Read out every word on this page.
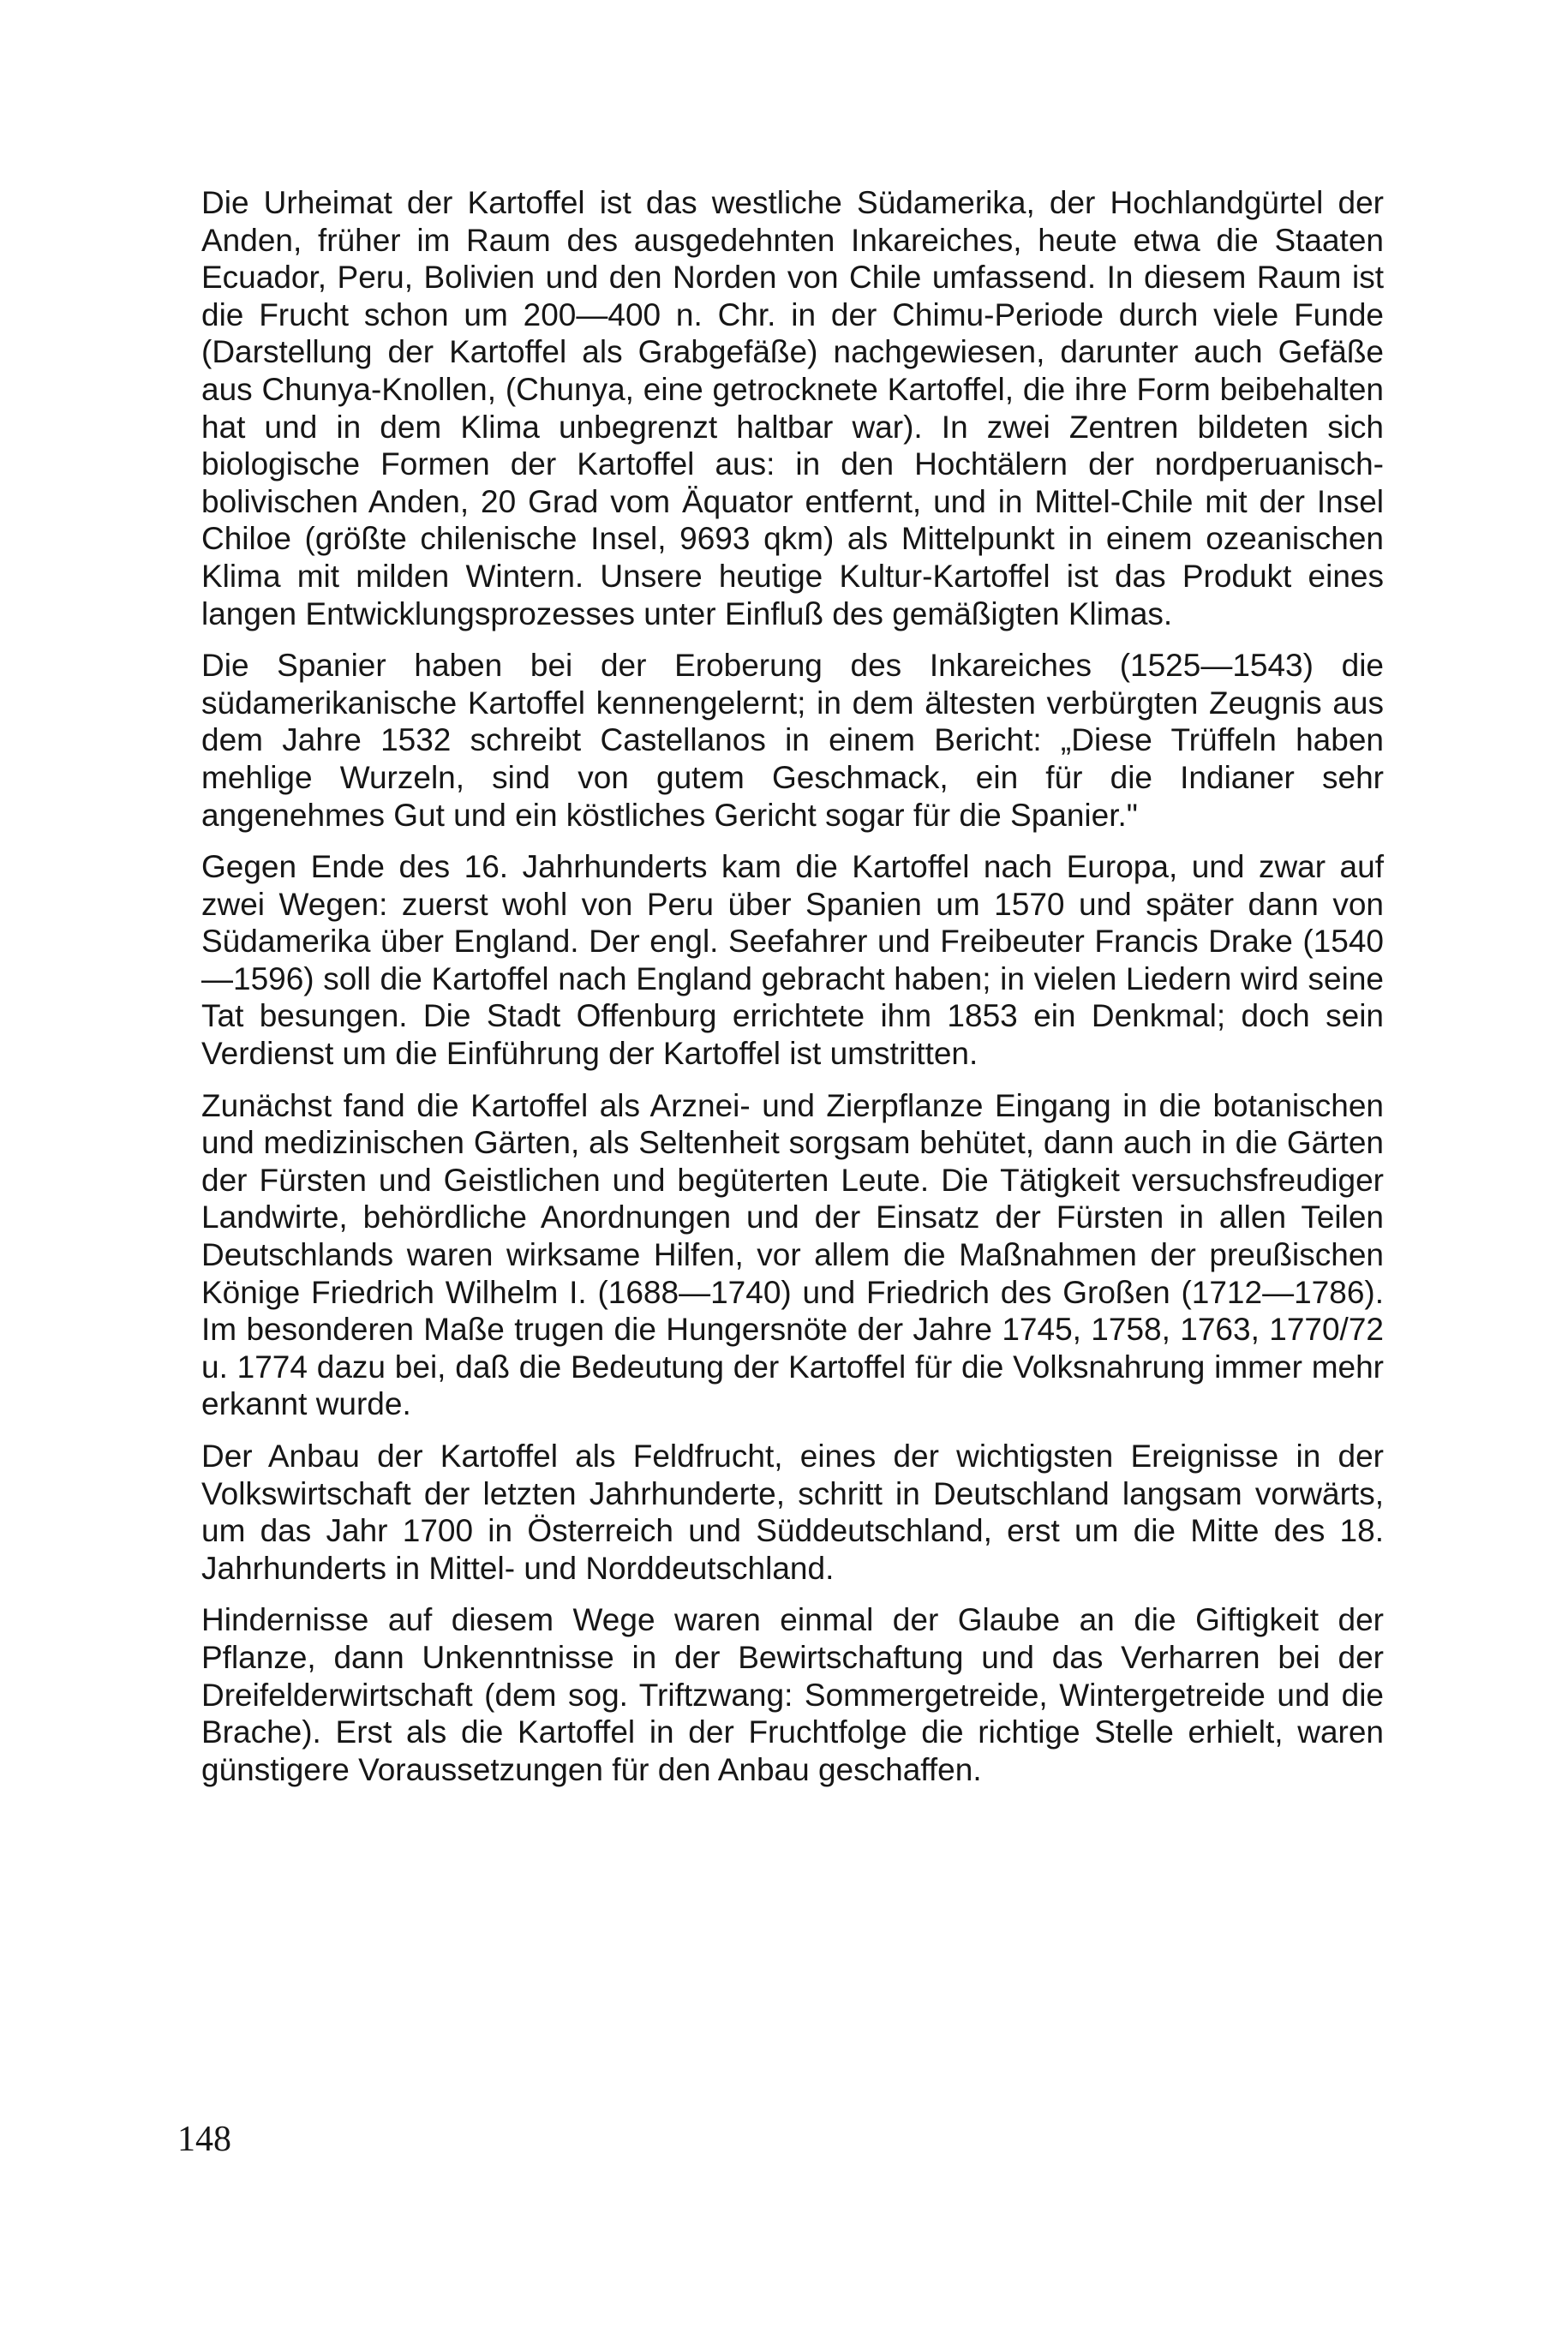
Die Urheimat der Kartoffel ist das westliche Südamerika, der Hochlandgürtel der Anden, früher im Raum des ausgedehnten Inkareiches, heute etwa die Staaten Ecuador, Peru, Bolivien und den Norden von Chile umfassend. In diesem Raum ist die Frucht schon um 200—400 n. Chr. in der Chimu-Periode durch viele Funde (Darstellung der Kartoffel als Grabgefäße) nachgewiesen, darunter auch Gefäße aus Chunya-Knollen, (Chunya, eine getrocknete Kartoffel, die ihre Form beibehalten hat und in dem Klima unbegrenzt haltbar war). In zwei Zentren bildeten sich biologische Formen der Kartoffel aus: in den Hochtälern der nordperuanisch-bolivischen Anden, 20 Grad vom Äquator entfernt, und in Mittel-Chile mit der Insel Chiloe (größte chilenische Insel, 9693 qkm) als Mittelpunkt in einem ozeanischen Klima mit milden Wintern. Unsere heutige Kultur-Kartoffel ist das Produkt eines langen Entwicklungsprozesses unter Einfluß des gemäßigten Klimas.

Die Spanier haben bei der Eroberung des Inkareiches (1525—1543) die südamerikanische Kartoffel kennengelernt; in dem ältesten verbürgten Zeugnis aus dem Jahre 1532 schreibt Castellanos in einem Bericht: „Diese Trüffeln haben mehlige Wurzeln, sind von gutem Geschmack, ein für die Indianer sehr angenehmes Gut und ein köstliches Gericht sogar für die Spanier."

Gegen Ende des 16. Jahrhunderts kam die Kartoffel nach Europa, und zwar auf zwei Wegen: zuerst wohl von Peru über Spanien um 1570 und später dann von Südamerika über England. Der engl. Seefahrer und Freibeuter Francis Drake (1540—1596) soll die Kartoffel nach England gebracht haben; in vielen Liedern wird seine Tat besungen. Die Stadt Offenburg errichtete ihm 1853 ein Denkmal; doch sein Verdienst um die Einführung der Kartoffel ist umstritten.

Zunächst fand die Kartoffel als Arznei- und Zierpflanze Eingang in die botanischen und medizinischen Gärten, als Seltenheit sorgsam behütet, dann auch in die Gärten der Fürsten und Geistlichen und begüterten Leute. Die Tätigkeit versuchsfreudiger Landwirte, behördliche Anordnungen und der Einsatz der Fürsten in allen Teilen Deutschlands waren wirksame Hilfen, vor allem die Maßnahmen der preußischen Könige Friedrich Wilhelm I. (1688—1740) und Friedrich des Großen (1712—1786). Im besonderen Maße trugen die Hungersnöte der Jahre 1745, 1758, 1763, 1770/72 u. 1774 dazu bei, daß die Bedeutung der Kartoffel für die Volksnahrung immer mehr erkannt wurde.

Der Anbau der Kartoffel als Feldfrucht, eines der wichtigsten Ereignisse in der Volkswirtschaft der letzten Jahrhunderte, schritt in Deutschland langsam vorwärts, um das Jahr 1700 in Österreich und Süddeutschland, erst um die Mitte des 18. Jahrhunderts in Mittel- und Norddeutschland.

Hindernisse auf diesem Wege waren einmal der Glaube an die Giftigkeit der Pflanze, dann Unkenntnisse in der Bewirtschaftung und das Verharren bei der Dreifelderwirtschaft (dem sog. Triftzwang: Sommergetreide, Wintergetreide und die Brache). Erst als die Kartoffel in der Fruchtfolge die richtige Stelle erhielt, waren günstigere Voraussetzungen für den Anbau geschaffen.

148
